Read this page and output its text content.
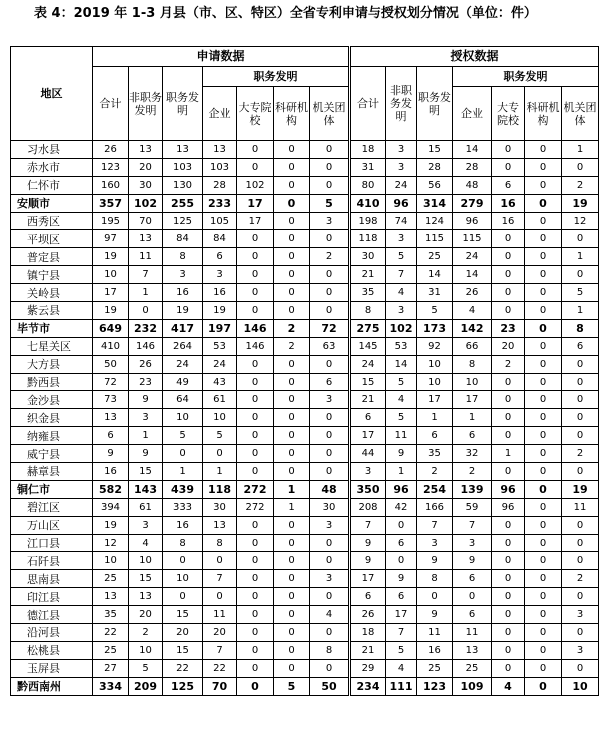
表 4：2019 年 1-3 月县（市、区、特区）全省专利申请与授权划分情况（单位：件）
地区	申请数据							授权数据						
	合计	非职务发明	职务发明	职务发明				合计	非职务发明	职务发明	职务发明			
				企业	大专院校	科研机构	机关团体				企业	大专院校	科研机构	机关团体
习水县	26	13	13	13	0	0	0	18	3	15	14	0	0	1
赤水市	123	20	103	103	0	0	0	31	3	28	28	0	0	0
仁怀市	160	30	130	28	102	0	0	80	24	56	48	6	0	2
安顺市	357	102	255	233	17	0	5	410	96	314	279	16	0	19
西秀区	195	70	125	105	17	0	3	198	74	124	96	16	0	12
平坝区	97	13	84	84	0	0	0	118	3	115	115	0	0	0
普定县	19	11	8	6	0	0	2	30	5	25	24	0	0	1
镇宁县	10	7	3	3	0	0	0	21	7	14	14	0	0	0
关岭县	17	1	16	16	0	0	0	35	4	31	26	0	0	5
紫云县	19	0	19	19	0	0	0	8	3	5	4	0	0	1
毕节市	649	232	417	197	146	2	72	275	102	173	142	23	0	8
七星关区	410	146	264	53	146	2	63	145	53	92	66	20	0	6
大方县	50	26	24	24	0	0	0	24	14	10	8	2	0	0
黔西县	72	23	49	43	0	0	6	15	5	10	10	0	0	0
金沙县	73	9	64	61	0	0	3	21	4	17	17	0	0	0
织金县	13	3	10	10	0	0	0	6	5	1	1	0	0	0
纳雍县	6	1	5	5	0	0	0	17	11	6	6	0	0	0
威宁县	9	9	0	0	0	0	0	44	9	35	32	1	0	2
赫章县	16	15	1	1	0	0	0	3	1	2	2	0	0	0
铜仁市	582	143	439	118	272	1	48	350	96	254	139	96	0	19
碧江区	394	61	333	30	272	1	30	208	42	166	59	96	0	11
万山区	19	3	16	13	0	0	3	7	0	7	7	0	0	0
江口县	12	4	8	8	0	0	0	9	6	3	3	0	0	0
石阡县	10	10	0	0	0	0	0	9	0	9	9	0	0	0
思南县	25	15	10	7	0	0	3	17	9	8	6	0	0	2
印江县	13	13	0	0	0	0	0	6	6	0	0	0	0	0
德江县	35	20	15	11	0	0	4	26	17	9	6	0	0	3
沿河县	22	2	20	20	0	0	0	18	7	11	11	0	0	0
松桃县	25	10	15	7	0	0	8	21	5	16	13	0	0	3
玉屏县	27	5	22	22	0	0	0	29	4	25	25	0	0	0
黔西南州	334	209	125	70	0	5	50	234	111	123	109	4	0	10
